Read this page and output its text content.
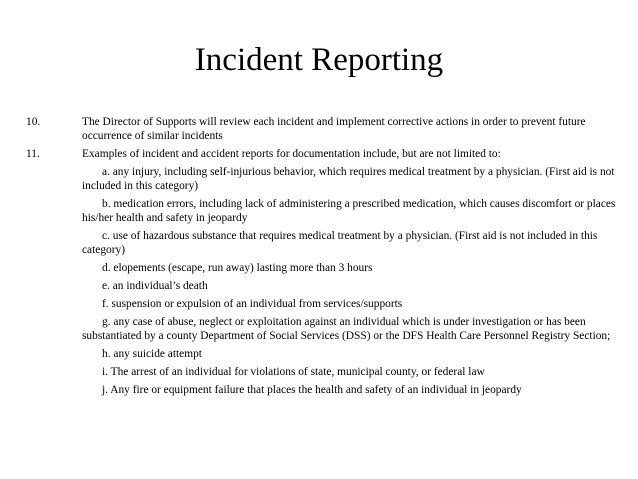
Incident Reporting
10.	The Director of Supports will review each incident and implement corrective actions in order to prevent future occurrence of similar incidents
11.	Examples of incident and accident reports for documentation include, but are not limited to:
a. any injury, including self-injurious behavior, which requires medical treatment by a physician. (First aid is not included in this category)
b. medication errors, including lack of administering a prescribed medication, which causes discomfort or places his/her health and safety in jeopardy
c. use of hazardous substance that requires medical treatment by a physician. (First aid is not included in this category)
d. elopements (escape, run away) lasting more than 3 hours
e. an individual’s death
f. suspension or expulsion of an individual from services/supports
g. any case of abuse, neglect or exploitation against an individual which is under investigation or has been substantiated by a county Department of Social Services (DSS) or the DFS Health Care Personnel Registry Section;
h. any suicide attempt
i. The arrest of an individual for violations of state, municipal county, or federal law
j. Any fire or equipment failure that places the health and safety of an individual in jeopardy
